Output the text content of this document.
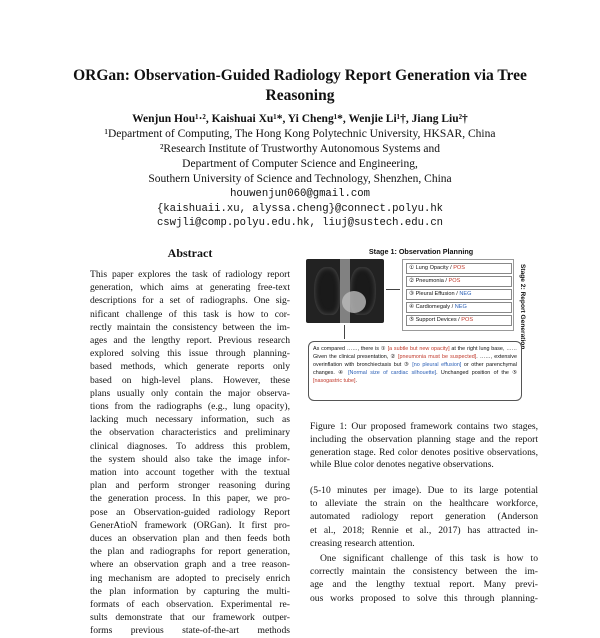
ORGan: Observation-Guided Radiology Report Generation via Tree
Reasoning
Wenjun Hou¹·², Kaishuai Xu¹*, Yi Cheng¹*, Wenjie Li¹†, Jiang Liu²†
¹Department of Computing, The Hong Kong Polytechnic University, HKSAR, China
²Research Institute of Trustworthy Autonomous Systems and
Department of Computer Science and Engineering,
Southern University of Science and Technology, Shenzhen, China
houwenjun060@gmail.com
{kaishuaii.xu, alyssa.cheng}@connect.polyu.hk
cswjli@comp.polyu.edu.hk, liuj@sustech.edu.cn
Abstract
This paper explores the task of radiology report
generation, which aims at generating free-text
descriptions for a set of radiographs. One sig-
nificant challenge of this task is how to cor-
rectly maintain the consistency between the im-
ages and the lengthy report. Previous research
explored solving this issue through planning-
based methods, which generate reports only
based on high-level plans. However, these
plans usually only contain the major observa-
tions from the radiographs (e.g., lung opacity),
lacking much necessary information, such as
the observation characteristics and preliminary
clinical diagnoses. To address this problem,
the system should also take the image infor-
mation into account together with the textual
plan and perform stronger reasoning during
the generation process. In this paper, we pro-
pose an Observation-guided radiology Report
GenerAtioN framework (ORGan). It first pro-
duces an observation plan and then feeds both
the plan and radiographs for report generation,
where an observation graph and a tree reason-
ing mechanism are adopted to precisely enrich
the plan information by capturing the multi-
formats of each observation. Experimental re-
sults demonstrate that our framework outper-
forms previous state-of-the-art methods
Stage 1: Observation Planning
① Lung Opacity / POS
② Pneumonia / POS
③ Pleural Effusion / NEG
④ Cardiomegaly / NEG
⑤ Support Devices / POS	Stage 2: Report Generation
As compared ……, there is ① [a subtle but new opacity] at the right lung base, …… Given the clinical presentation, ② [pneumonia must be suspected]. ……, extensive overinflation with bronchiectasis but ③ [no pleural effusion] or other parenchymal changes. ④ [Normal size of cardiac silhouette]. Unchanged position of the ⑤ [nasogastric tube].
Figure 1: Our proposed framework contains two stages, including the observation planning stage and the report generation stage. Red color denotes positive observations, while Blue color denotes negative observations.
(5-10 minutes per image). Due to its large potential
to alleviate the strain on the healthcare workforce,
automated radiology report generation (Anderson
et al., 2018; Rennie et al., 2017) has attracted in-
creasing research attention.
One significant challenge of this task is how to
correctly maintain the consistency between the im-
age and the lengthy textual report. Many previ-
ous works proposed to solve this through planning-
